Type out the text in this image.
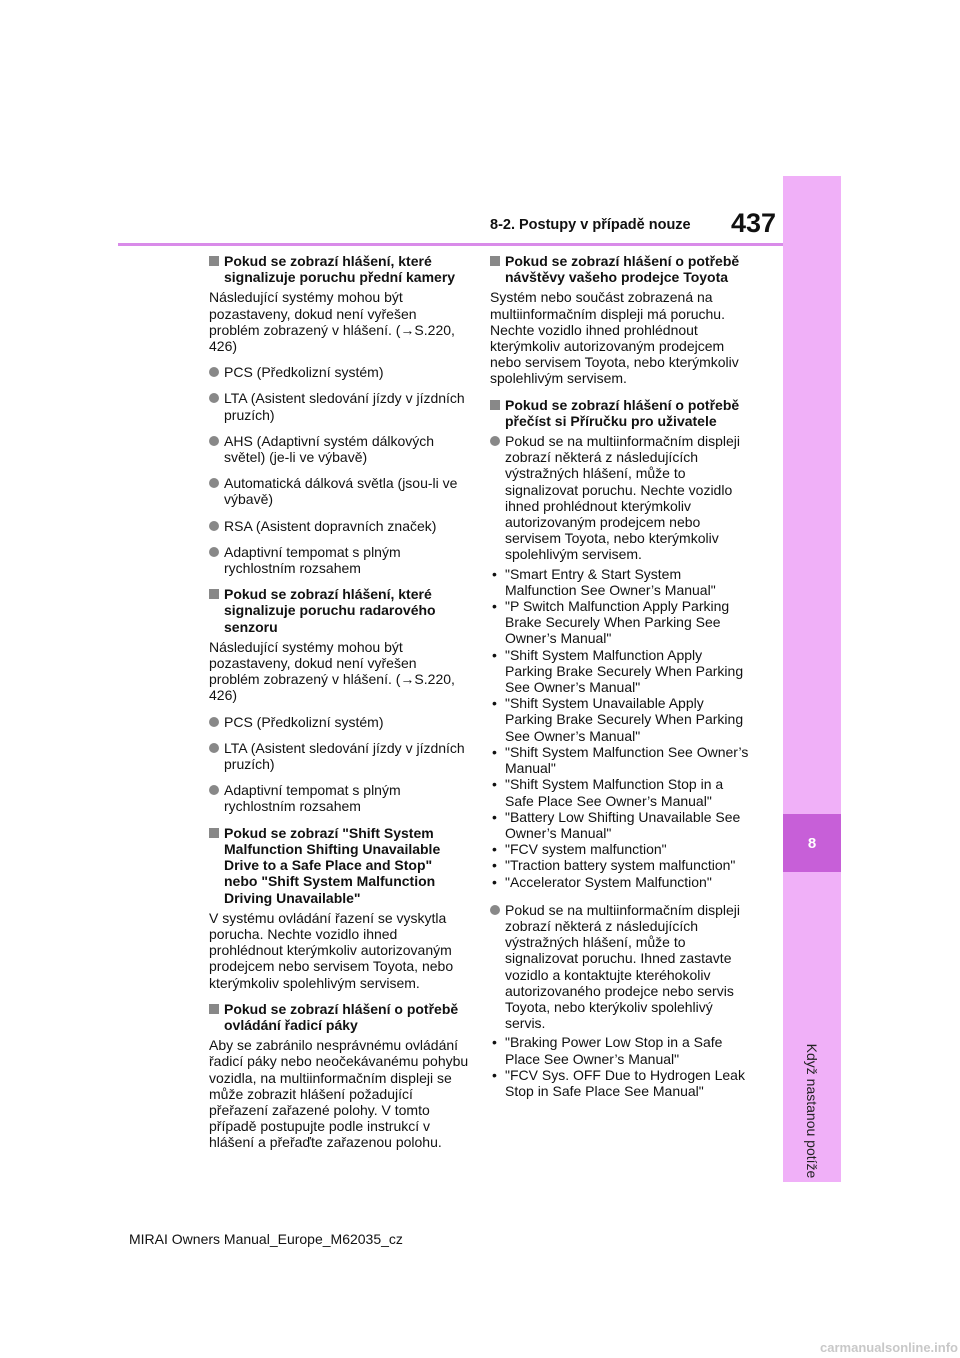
8-2. Postupy v případě nouze	437
8
Když nastanou potíže
Pokud se zobrazí hlášení, které signalizuje poruchu přední kamery
Následující systémy mohou být pozastaveny, dokud není vyřešen problém zobrazený v hlášení. (→S.220, 426)
PCS (Předkolizní systém)
LTA (Asistent sledování jízdy v jízdních pruzích)
AHS (Adaptivní systém dálkových světel) (je-li ve výbavě)
Automatická dálková světla (jsou-li ve výbavě)
RSA (Asistent dopravních značek)
Adaptivní tempomat s plným rychlostním rozsahem
Pokud se zobrazí hlášení, které signalizuje poruchu radarového senzoru
Následující systémy mohou být pozastaveny, dokud není vyřešen problém zobrazený v hlášení. (→S.220, 426)
PCS (Předkolizní systém)
LTA (Asistent sledování jízdy v jízdních pruzích)
Adaptivní tempomat s plným rychlostním rozsahem
Pokud se zobrazí "Shift System Malfunction Shifting Unavailable Drive to a Safe Place and Stop" nebo "Shift System Malfunction Driving Unavailable"
V systému ovládání řazení se vyskytla porucha. Nechte vozidlo ihned prohlédnout kterýmkoliv autorizovaným prodejcem nebo servisem Toyota, nebo kterýmkoliv spolehlivým servisem.
Pokud se zobrazí hlášení o potřebě ovládání řadicí páky
Aby se zabránilo nesprávnému ovládání řadicí páky nebo neočekávanému pohybu vozidla, na multiinformačním displeji se může zobrazit hlášení požadující přeřazení zařazené polohy. V tomto případě postupujte podle instrukcí v hlášení a přeřaďte zařazenou polohu.
Pokud se zobrazí hlášení o potřebě návštěvy vašeho prodejce Toyota
Systém nebo součást zobrazená na multiinformačním displeji má poruchu. Nechte vozidlo ihned prohlédnout kterýmkoliv autorizovaným prodejcem nebo servisem Toyota, nebo kterýmkoliv spolehlivým servisem.
Pokud se zobrazí hlášení o potřebě přečíst si Příručku pro uživatele
Pokud se na multiinformačním displeji zobrazí některá z následujících výstražných hlášení, může to signalizovat poruchu. Nechte vozidlo ihned prohlédnout kterýmkoliv autorizovaným prodejcem nebo servisem Toyota, nebo kterýmkoliv spolehlivým servisem.
• "Smart Entry & Start System Malfunction See Owner’s Manual"
• "P Switch Malfunction Apply Parking Brake Securely When Parking See Owner’s Manual"
• "Shift System Malfunction Apply Parking Brake Securely When Parking See Owner’s Manual"
• "Shift System Unavailable Apply Parking Brake Securely When Parking See Owner’s Manual"
• "Shift System Malfunction See Owner’s Manual"
• "Shift System Malfunction Stop in a Safe Place See Owner’s Manual"
• "Battery Low Shifting Unavailable See Owner’s Manual"
• "FCV system malfunction"
• "Traction battery system malfunction"
• "Accelerator System Malfunction"
Pokud se na multiinformačním displeji zobrazí některá z následujících výstražných hlášení, může to signalizovat poruchu. Ihned zastavte vozidlo a kontaktujte kteréhokoliv autorizovaného prodejce nebo servis Toyota, nebo kterýkoliv spolehlivý servis.
• "Braking Power Low Stop in a Safe Place See Owner’s Manual"
• "FCV Sys. OFF Due to Hydrogen Leak Stop in Safe Place See Manual"
MIRAI Owners Manual_Europe_M62035_cz
carmanualsonline.info
